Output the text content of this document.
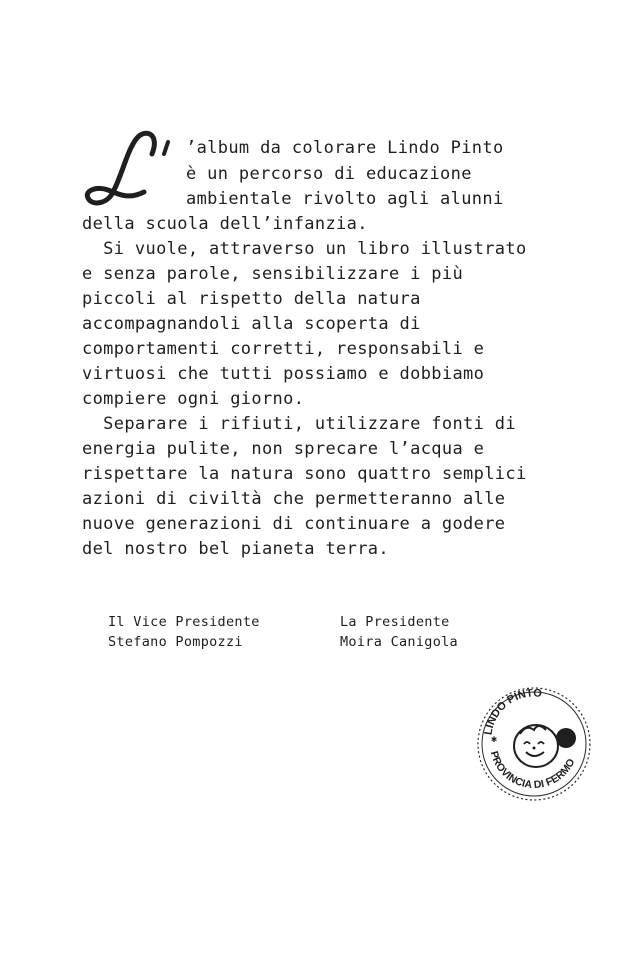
L
’album da colorare Lindo Pinto
è un percorso di educazione
ambientale rivolto agli alunni
della scuola dell’infanzia.
Si vuole, attraverso un libro illustrato
e senza parole, sensibilizzare i più
piccoli al rispetto della natura
accompagnandoli alla scoperta di
comportamenti corretti, responsabili e
virtuosi che tutti possiamo e dobbiamo
compiere ogni giorno.
Separare i rifiuti, utilizzare fonti di
energia pulite, non sprecare l’acqua e
rispettare la natura sono quattro semplici
azioni di civiltà che permetteranno alle
nuove generazioni di continuare a godere
del nostro bel pianeta terra.
Il Vice Presidente
Stefano Pompozzi
La Presidente
Moira Canigola
LINDO PINTO
PROVINCIA DI FERMO
✱
